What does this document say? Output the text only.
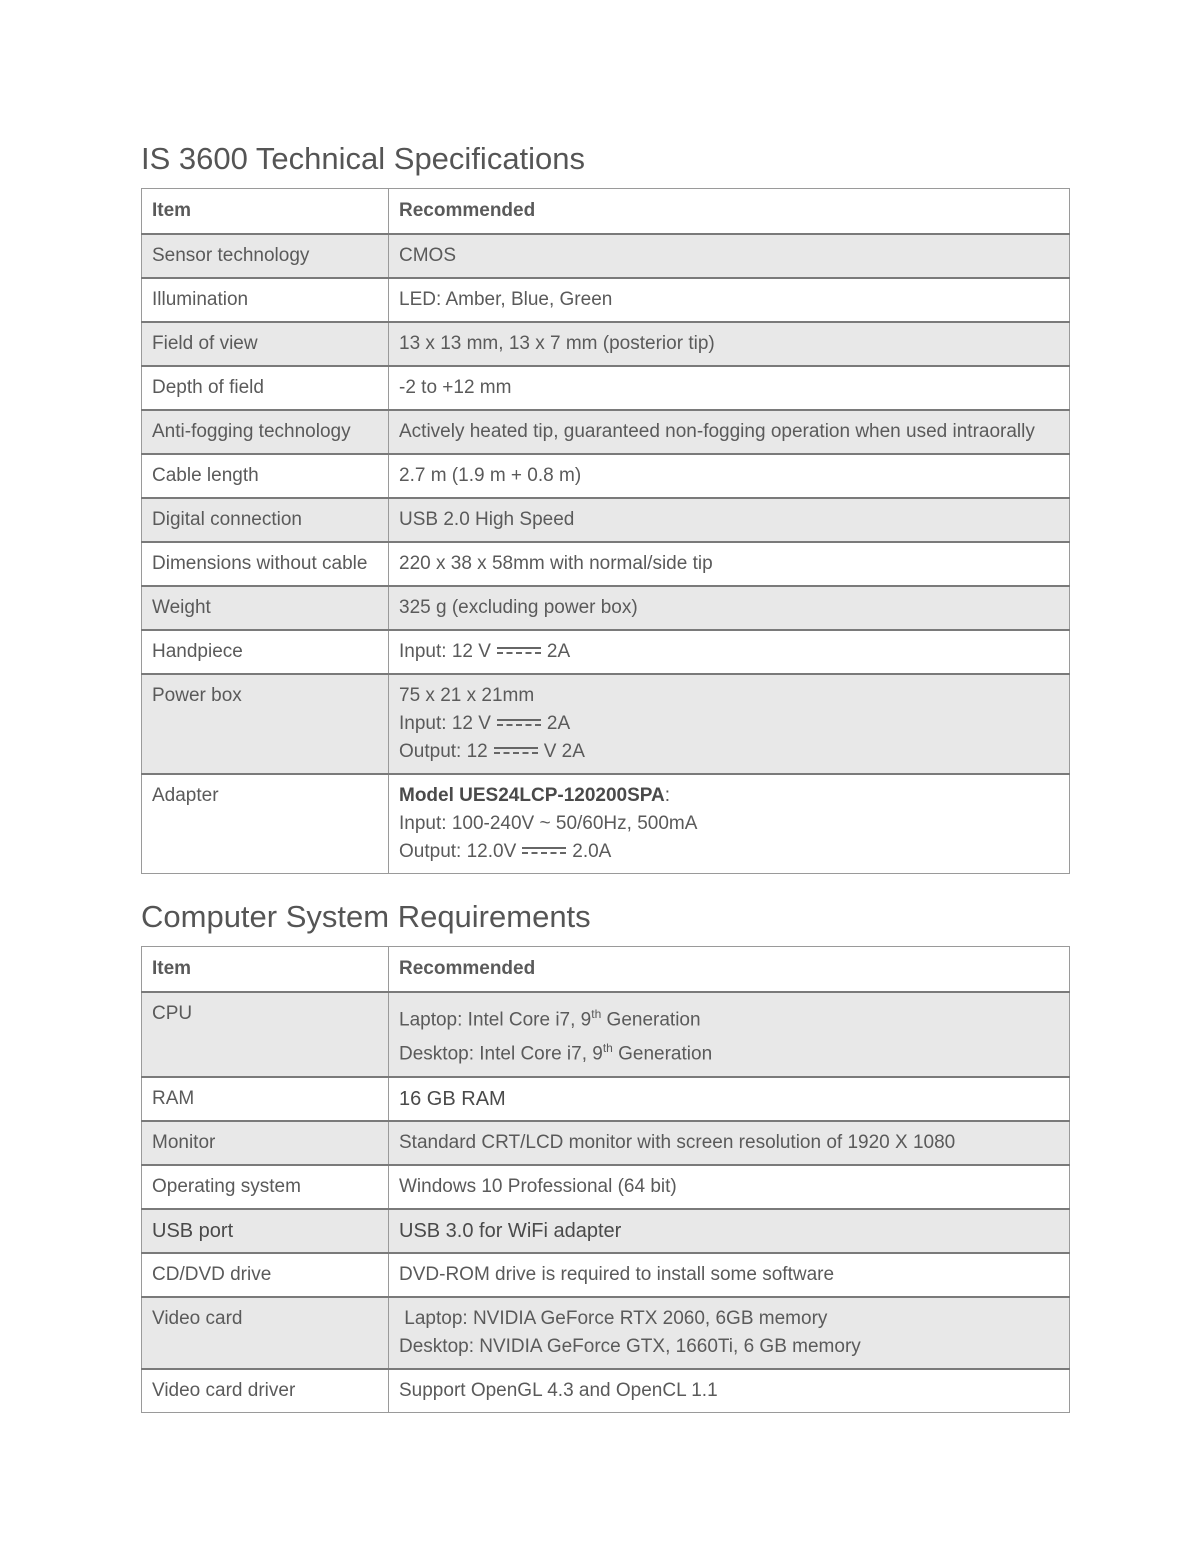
IS 3600 Technical Specifications
Item	Recommended
Sensor technology	CMOS
Illumination	LED: Amber, Blue, Green
Field of view	13 x 13 mm, 13 x 7 mm (posterior tip)
Depth of field	-2 to +12 mm
Anti-fogging technology	Actively heated tip, guaranteed non-fogging operation when used intraorally
Cable length	2.7 m (1.9 m + 0.8 m)
Digital connection	USB 2.0 High Speed
Dimensions without cable	220 x 38 x 58mm with normal/side tip
Weight	325 g (excluding power box)
Handpiece	Input: 12 V 2A
Power box	75 x 21 x 21mm
Input: 12 V 2A
Output: 12 V 2A

Adapter	Model UES24LCP-120200SPA:
Input: 100-240V ~ 50/60Hz, 500mA
Output: 12.0V 2.0A
Computer System Requirements
Item	Recommended
CPU	Laptop: Intel Core i7, 9th Generation
Desktop: Intel Core i7, 9th Generation

RAM	16 GB RAM
Monitor	Standard CRT/LCD monitor with screen resolution of 1920 X 1080
Operating system	Windows 10 Professional (64 bit)
USB port	USB 3.0 for WiFi adapter
CD/DVD drive	DVD-ROM drive is required to install some software
Video card	Laptop: NVIDIA GeForce RTX 2060, 6GB memory
Desktop: NVIDIA GeForce GTX, 1660Ti, 6 GB memory

Video card driver	Support OpenGL 4.3 and OpenCL 1.1
